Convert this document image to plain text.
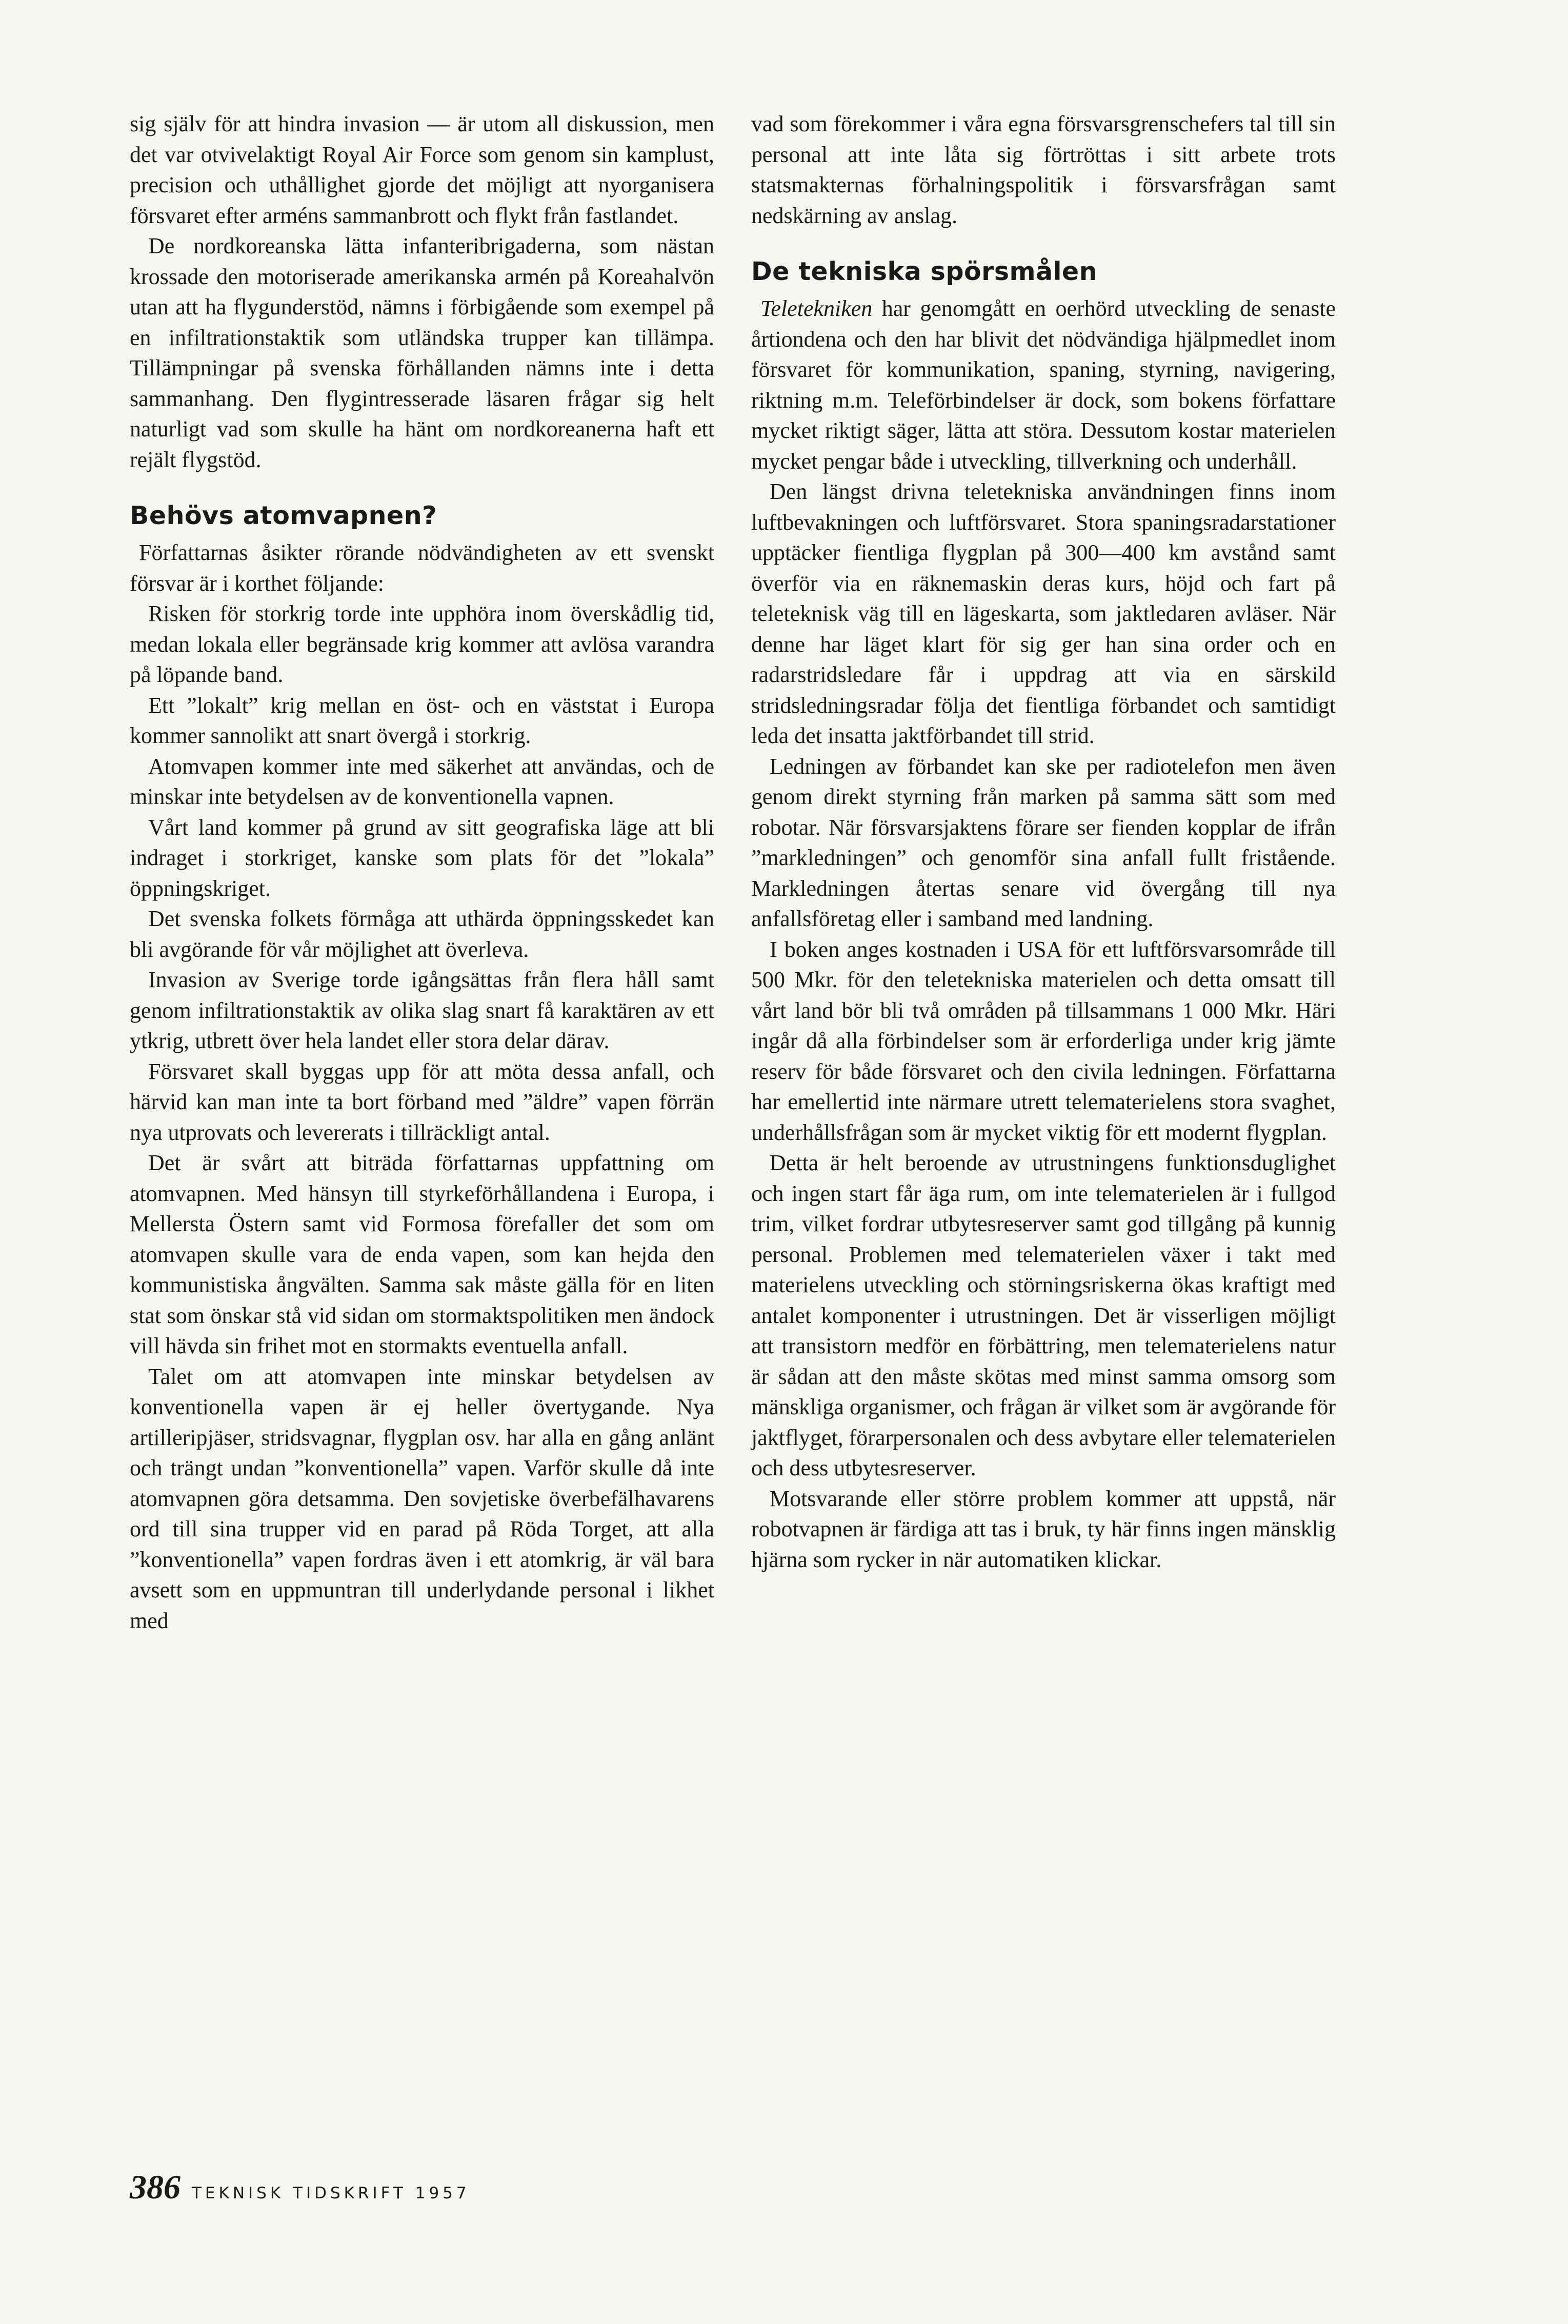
sig själv för att hindra invasion — är utom all diskussion, men det var otvivelaktigt Royal Air Force som genom sin kamplust, precision och uthållighet gjorde det möjligt att nyorganisera försvaret efter arméns sammanbrott och flykt från fastlandet.

De nordkoreanska lätta infanteribrigaderna, som nästan krossade den motoriserade amerikanska armén på Koreahalvön utan att ha flygunderstöd, nämns i förbigående som exempel på en infiltrationstaktik som utländska trupper kan tillämpa. Tillämpningar på svenska förhållanden nämns inte i detta sammanhang. Den flygintresserade läsaren frågar sig helt naturligt vad som skulle ha hänt om nordkoreanerna haft ett rejält flygstöd.

Behövs atomvapnen?

Författarnas åsikter rörande nödvändigheten av ett svenskt försvar är i korthet följande:

Risken för storkrig torde inte upphöra inom överskådlig tid, medan lokala eller begränsade krig kommer att avlösa varandra på löpande band.

Ett ”lokalt” krig mellan en öst- och en väststat i Europa kommer sannolikt att snart övergå i storkrig.

Atomvapen kommer inte med säkerhet att användas, och de minskar inte betydelsen av de konventionella vapnen.

Vårt land kommer på grund av sitt geografiska läge att bli indraget i storkriget, kanske som plats för det ”lokala” öppningskriget.

Det svenska folkets förmåga att uthärda öppningsskedet kan bli avgörande för vår möjlighet att överleva.

Invasion av Sverige torde igångsättas från flera håll samt genom infiltrationstaktik av olika slag snart få karaktären av ett ytkrig, utbrett över hela landet eller stora delar därav.

Försvaret skall byggas upp för att möta dessa anfall, och härvid kan man inte ta bort förband med ”äldre” vapen förrän nya utprovats och levererats i tillräckligt antal.

Det är svårt att biträda författarnas uppfattning om atomvapnen. Med hänsyn till styrkeförhållandena i Europa, i Mellersta Östern samt vid Formosa förefaller det som om atomvapen skulle vara de enda vapen, som kan hejda den kommunistiska ångvälten. Samma sak måste gälla för en liten stat som önskar stå vid sidan om stormaktspolitiken men ändock vill hävda sin frihet mot en stormakts eventuella anfall.

Talet om att atomvapen inte minskar betydelsen av konventionella vapen är ej heller övertygande. Nya artilleripjäser, stridsvagnar, flygplan osv. har alla en gång anlänt och trängt undan ”konventionella” vapen. Varför skulle då inte atomvapnen göra detsamma. Den sovjetiske överbefälhavarens ord till sina trupper vid en parad på Röda Torget, att alla ”konventionella” vapen fordras även i ett atomkrig, är väl bara avsett som en uppmuntran till underlydande personal i likhet med

vad som förekommer i våra egna försvarsgrenschefers tal till sin personal att inte låta sig förtröttas i sitt arbete trots statsmakternas förhalningspolitik i försvarsfrågan samt nedskärning av anslag.

De tekniska spörsmålen

Teletekniken har genomgått en oerhörd utveckling de senaste årtiondena och den har blivit det nödvändiga hjälpmedlet inom försvaret för kommunikation, spaning, styrning, navigering, riktning m.m. Teleförbindelser är dock, som bokens författare mycket riktigt säger, lätta att störa. Dessutom kostar materielen mycket pengar både i utveckling, tillverkning och underhåll.

Den längst drivna teletekniska användningen finns inom luftbevakningen och luftförsvaret. Stora spaningsradarstationer upptäcker fientliga flygplan på 300—400 km avstånd samt överför via en räknemaskin deras kurs, höjd och fart på teleteknisk väg till en lägeskarta, som jaktledaren avläser. När denne har läget klart för sig ger han sina order och en radarstridsledare får i uppdrag att via en särskild stridsledningsradar följa det fientliga förbandet och samtidigt leda det insatta jaktförbandet till strid.

Ledningen av förbandet kan ske per radiotelefon men även genom direkt styrning från marken på samma sätt som med robotar. När försvarsjaktens förare ser fienden kopplar de ifrån ”markledningen” och genomför sina anfall fullt fristående. Markledningen återtas senare vid övergång till nya anfallsföretag eller i samband med landning.

I boken anges kostnaden i USA för ett luftförsvarsområde till 500 Mkr. för den teletekniska materielen och detta omsatt till vårt land bör bli två områden på tillsammans 1 000 Mkr. Häri ingår då alla förbindelser som är erforderliga under krig jämte reserv för både försvaret och den civila ledningen. Författarna har emellertid inte närmare utrett telematerielens stora svaghet, underhållsfrågan som är mycket viktig för ett modernt flygplan.

Detta är helt beroende av utrustningens funktionsduglighet och ingen start får äga rum, om inte telematerielen är i fullgod trim, vilket fordrar utbytesreserver samt god tillgång på kunnig personal. Problemen med telematerielen växer i takt med materielens utveckling och störningsriskerna ökas kraftigt med antalet komponenter i utrustningen. Det är visserligen möjligt att transistorn medför en förbättring, men telematerielens natur är sådan att den måste skötas med minst samma omsorg som mänskliga organismer, och frågan är vilket som är avgörande för jaktflyget, förarpersonalen och dess avbytare eller telematerielen och dess utbytesreserver.

Motsvarande eller större problem kommer att uppstå, när robotvapnen är färdiga att tas i bruk, ty här finns ingen mänsklig hjärna som rycker in när automatiken klickar.

386 TEKNISK TIDSKRIFT 1957
